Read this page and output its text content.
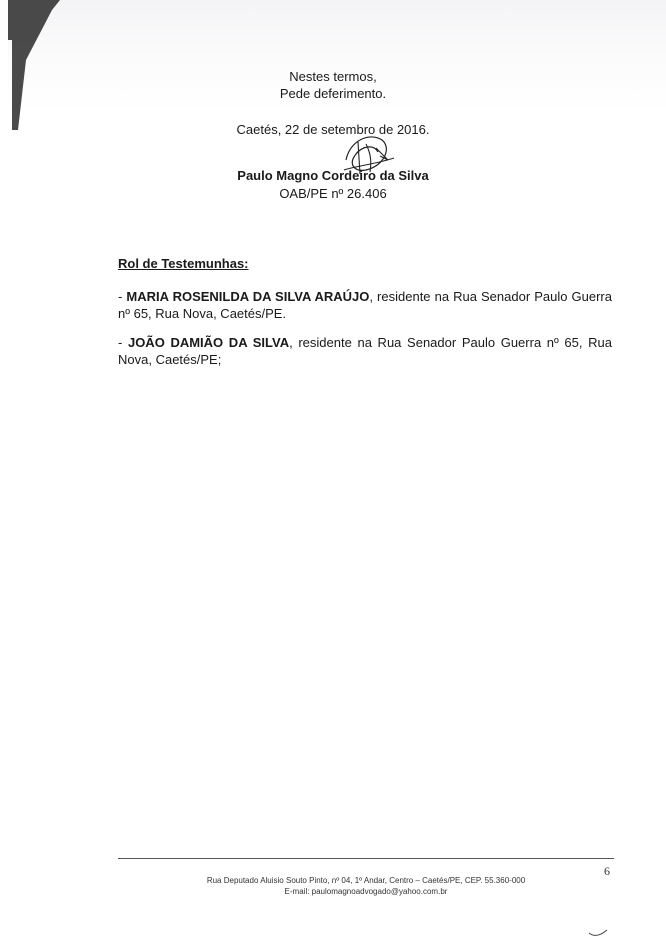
Nestes termos,
Pede deferimento.
Caetés, 22 de setembro de 2016.
Paulo Magno Cordeiro da Silva
OAB/PE nº 26.406
Rol de Testemunhas:
- MARIA ROSENILDA DA SILVA ARAÚJO, residente na Rua Senador Paulo Guerra nº 65, Rua Nova, Caetés/PE.
- JOÃO DAMIÃO DA SILVA, residente na Rua Senador Paulo Guerra nº 65, Rua Nova, Caetés/PE;
6
Rua Deputado Aluisio Souto Pinto, nº 04, 1º Andar, Centro – Caetés/PE, CEP. 55.360-000
E-mail: paulomagnoadvogado@yahoo.com.br
